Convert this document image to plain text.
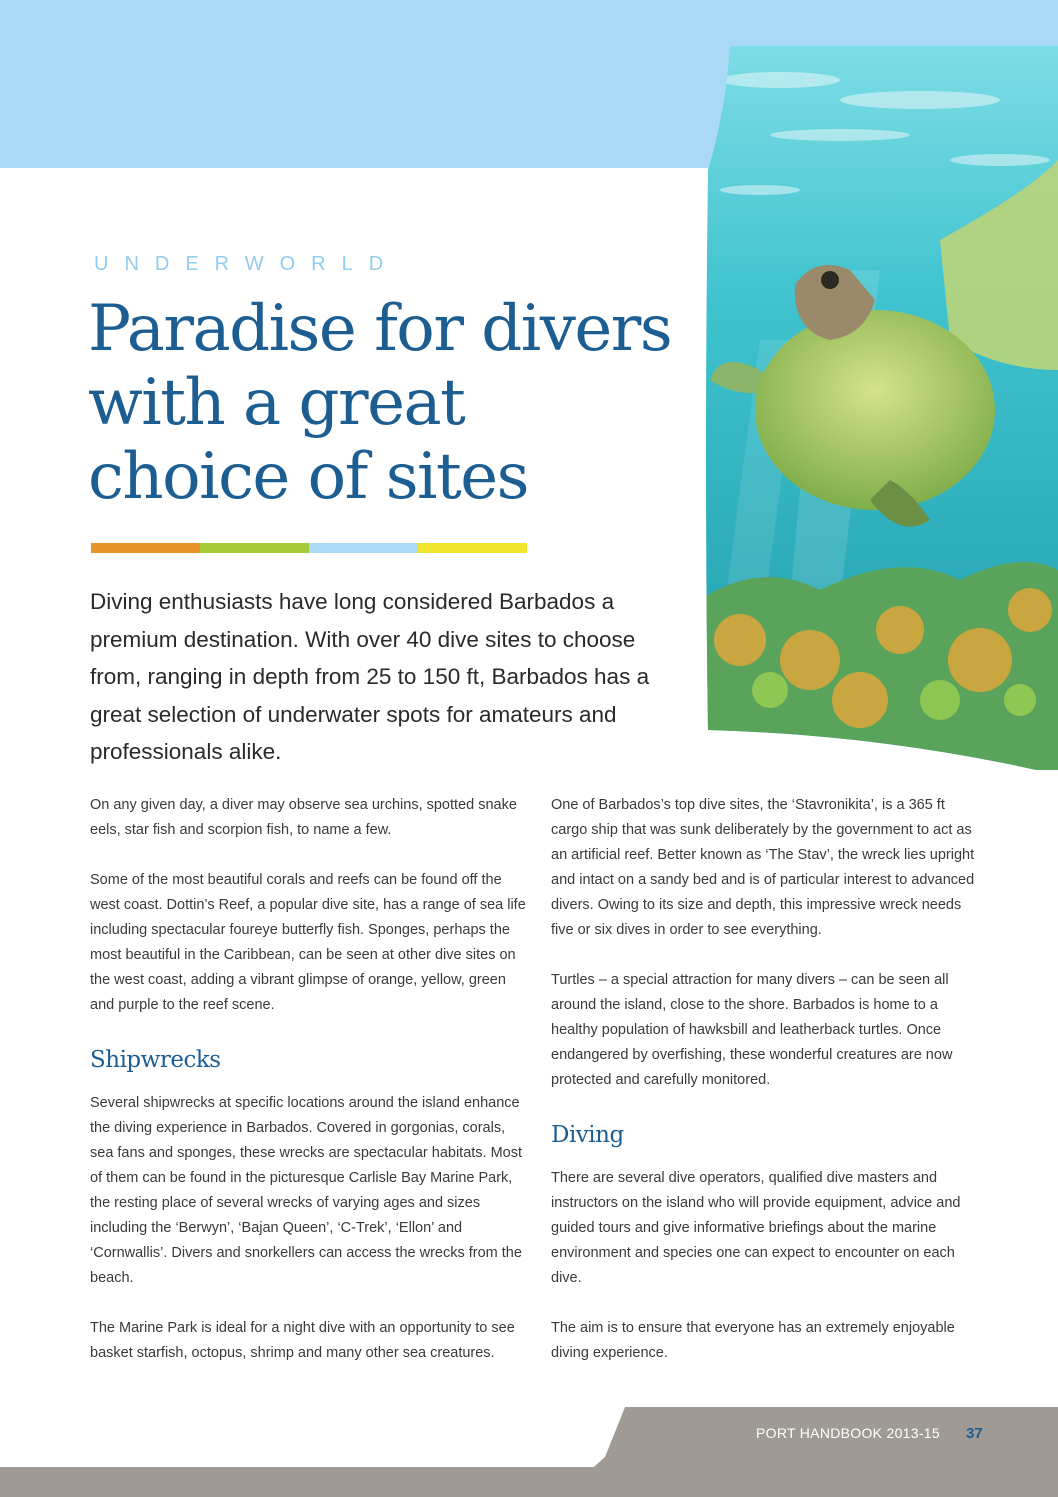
UNDERWORLD
Paradise for divers
with a great
choice of sites

Diving enthusiasts have long considered Barbados a premium destination. With over 40 dive sites to choose from, ranging in depth from 25 to 150 ft, Barbados has a great selection of underwater spots for amateurs and professionals alike.

On any given day, a diver may observe sea urchins, spotted snake eels, star fish and scorpion fish, to name a few.

Some of the most beautiful corals and reefs can be found off the west coast. Dottin’s Reef, a popular dive site, has a range of sea life including spectacular foureye butterfly fish. Sponges, perhaps the most beautiful in the Caribbean, can be seen at other dive sites on the west coast, adding a vibrant glimpse of orange, yellow, green and purple to the reef scene.

Shipwrecks

Several shipwrecks at specific locations around the island enhance the diving experience in Barbados. Covered in gorgonias, corals, sea fans and sponges, these wrecks are spectacular habitats. Most of them can be found in the picturesque Carlisle Bay Marine Park, the resting place of several wrecks of varying ages and sizes including the ‘Berwyn’, ‘Bajan Queen’, ‘C-Trek’, ‘Ellon’ and ‘Cornwallis’. Divers and snorkellers can access the wrecks from the beach.

The Marine Park is ideal for a night dive with an opportunity to see basket starfish, octopus, shrimp and many other sea creatures.

One of Barbados’s top dive sites, the ‘Stavronikita’, is a 365 ft cargo ship that was sunk deliberately by the government to act as an artificial reef. Better known as ‘The Stav’, the wreck lies upright and intact on a sandy bed and is of particular interest to advanced divers. Owing to its size and depth, this impressive wreck needs five or six dives in order to see everything.

Turtles – a special attraction for many divers – can be seen all around the island, close to the shore. Barbados is home to a healthy population of hawksbill and leatherback turtles. Once endangered by overfishing, these wonderful creatures are now protected and carefully monitored.

Diving

There are several dive operators, qualified dive masters and instructors on the island who will provide equipment, advice and guided tours and give informative briefings about the marine environment and species one can expect to encounter on each dive.

The aim is to ensure that everyone has an extremely enjoyable diving experience.

PORT HANDBOOK 2013-15 37
